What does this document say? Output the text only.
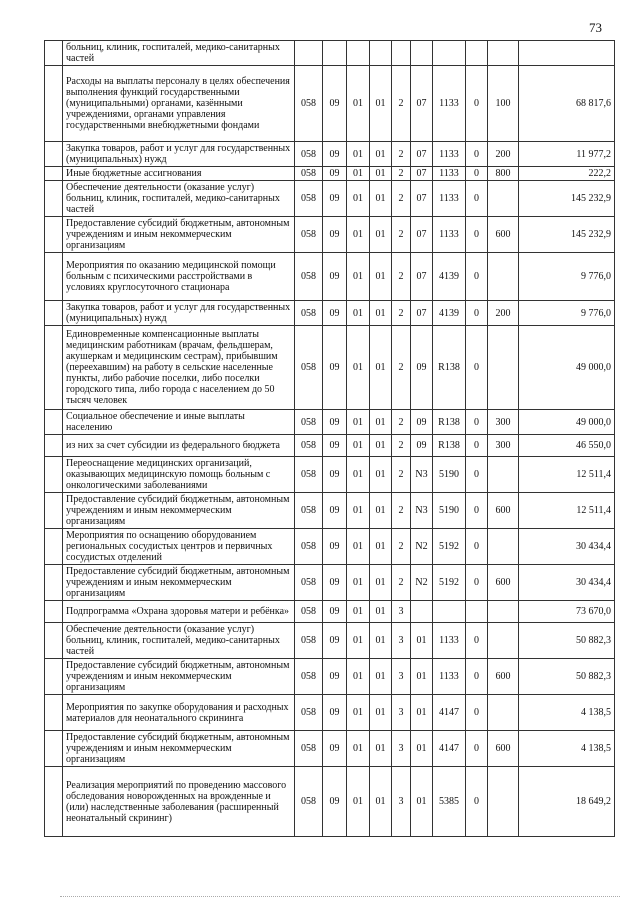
73
	больниц, клиник, госпиталей, медико-санитарных частей										
	Расходы на выплаты персоналу в целях обеспечения выполнения функций государственными (муниципальными) органами, казёнными учреждениями, органами управления государственными внебюджетными фондами	058	09	01	01	2	07	1133	0	100	68 817,6
	Закупка товаров, работ и услуг для государственных (муниципальных) нужд	058	09	01	01	2	07	1133	0	200	11 977,2
	Иные бюджетные ассигнования	058	09	01	01	2	07	1133	0	800	222,2
	Обеспечение деятельности (оказание услуг) больниц, клиник, госпиталей, медико-санитарных частей	058	09	01	01	2	07	1133	0		145 232,9
	Предоставление субсидий бюджетным, автономным учреждениям и иным некоммерческим организациям	058	09	01	01	2	07	1133	0	600	145 232,9
	Мероприятия по оказанию медицинской помощи больным с психическими расстройствами в условиях круглосуточного стационара	058	09	01	01	2	07	4139	0		9 776,0
	Закупка товаров, работ и услуг для государственных (муниципальных) нужд	058	09	01	01	2	07	4139	0	200	9 776,0
	Единовременные компенсационные выплаты медицинским работникам (врачам, фельдшерам, акушеркам и медицинским сестрам), прибывшим (переехавшим) на работу в сельские населенные пункты, либо рабочие поселки, либо поселки городского типа, либо города с населением до 50 тысяч человек	058	09	01	01	2	09	R138	0		49 000,0
	Социальное обеспечение и иные выплаты населению	058	09	01	01	2	09	R138	0	300	49 000,0
	из них за счет субсидии из федерального бюджета	058	09	01	01	2	09	R138	0	300	46 550,0
	Переоснащение медицинских организаций, оказывающих медицинскую помощь больным с онкологическими заболеваниями	058	09	01	01	2	N3	5190	0		12 511,4
	Предоставление субсидий бюджетным, автономным учреждениям и иным некоммерческим организациям	058	09	01	01	2	N3	5190	0	600	12 511,4
	Мероприятия по оснащению оборудованием региональных сосудистых центров и первичных сосудистых отделений	058	09	01	01	2	N2	5192	0		30 434,4
	Предоставление субсидий бюджетным, автономным учреждениям и иным некоммерческим организациям	058	09	01	01	2	N2	5192	0	600	30 434,4
	Подпрограмма «Охрана здоровья матери и ребёнка»	058	09	01	01	3					73 670,0
	Обеспечение деятельности (оказание услуг) больниц, клиник, госпиталей, медико-санитарных частей	058	09	01	01	3	01	1133	0		50 882,3
	Предоставление субсидий бюджетным, автономным учреждениям и иным некоммерческим организациям	058	09	01	01	3	01	1133	0	600	50 882,3
	Мероприятия по закупке оборудования и расходных материалов для неонатального скрининга	058	09	01	01	3	01	4147	0		4 138,5
	Предоставление субсидий бюджетным, автономным учреждениям и иным некоммерческим организациям	058	09	01	01	3	01	4147	0	600	4 138,5
	Реализация мероприятий по проведению массового обследования новорожденных на врожденные и (или) наследственные заболевания (расширенный неонатальный скрининг)	058	09	01	01	3	01	5385	0		18 649,2
